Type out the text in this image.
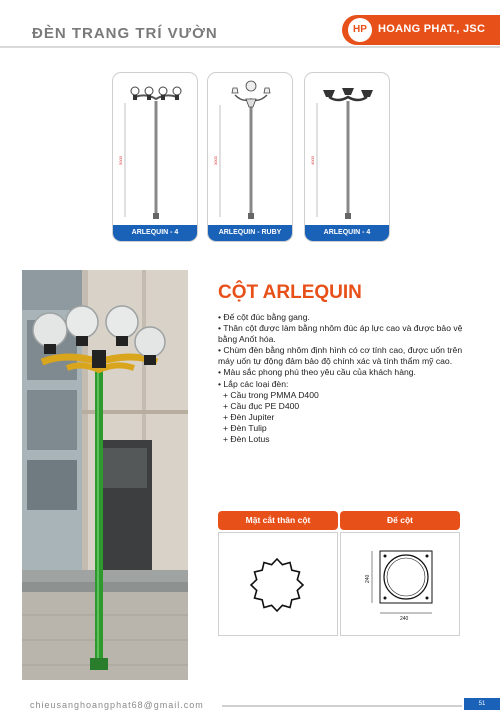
ĐÈN TRANG TRÍ VƯỜN	HP	HOANG PHAT., JSC
5000
ARLEQUIN - 4
3000
ARLEQUIN - RUBY
4000
ARLEQUIN - 4
CỘT ARLEQUIN
• Đế cột đúc bằng gang.
• Thân cột được làm bằng nhôm đúc áp lực cao và được bảo vệ bằng Anốt hóa.
• Chùm đèn bằng nhôm định hình có cơ tính cao, được uốn trên máy uốn tự động đảm bảo độ chính xác và tính thẩm mỹ cao.
• Màu sắc phong phú theo yêu cầu của khách hàng.
• Lắp các loại đèn:
+ Cầu trong PMMA D400
+ Cầu đục PE D400
+ Đèn Jupiter
+ Đèn Tulip
+ Đèn Lotus
Mặt cắt thân cột	Đế cột
240
240
chieusanghoangphat68@gmail.com	51
